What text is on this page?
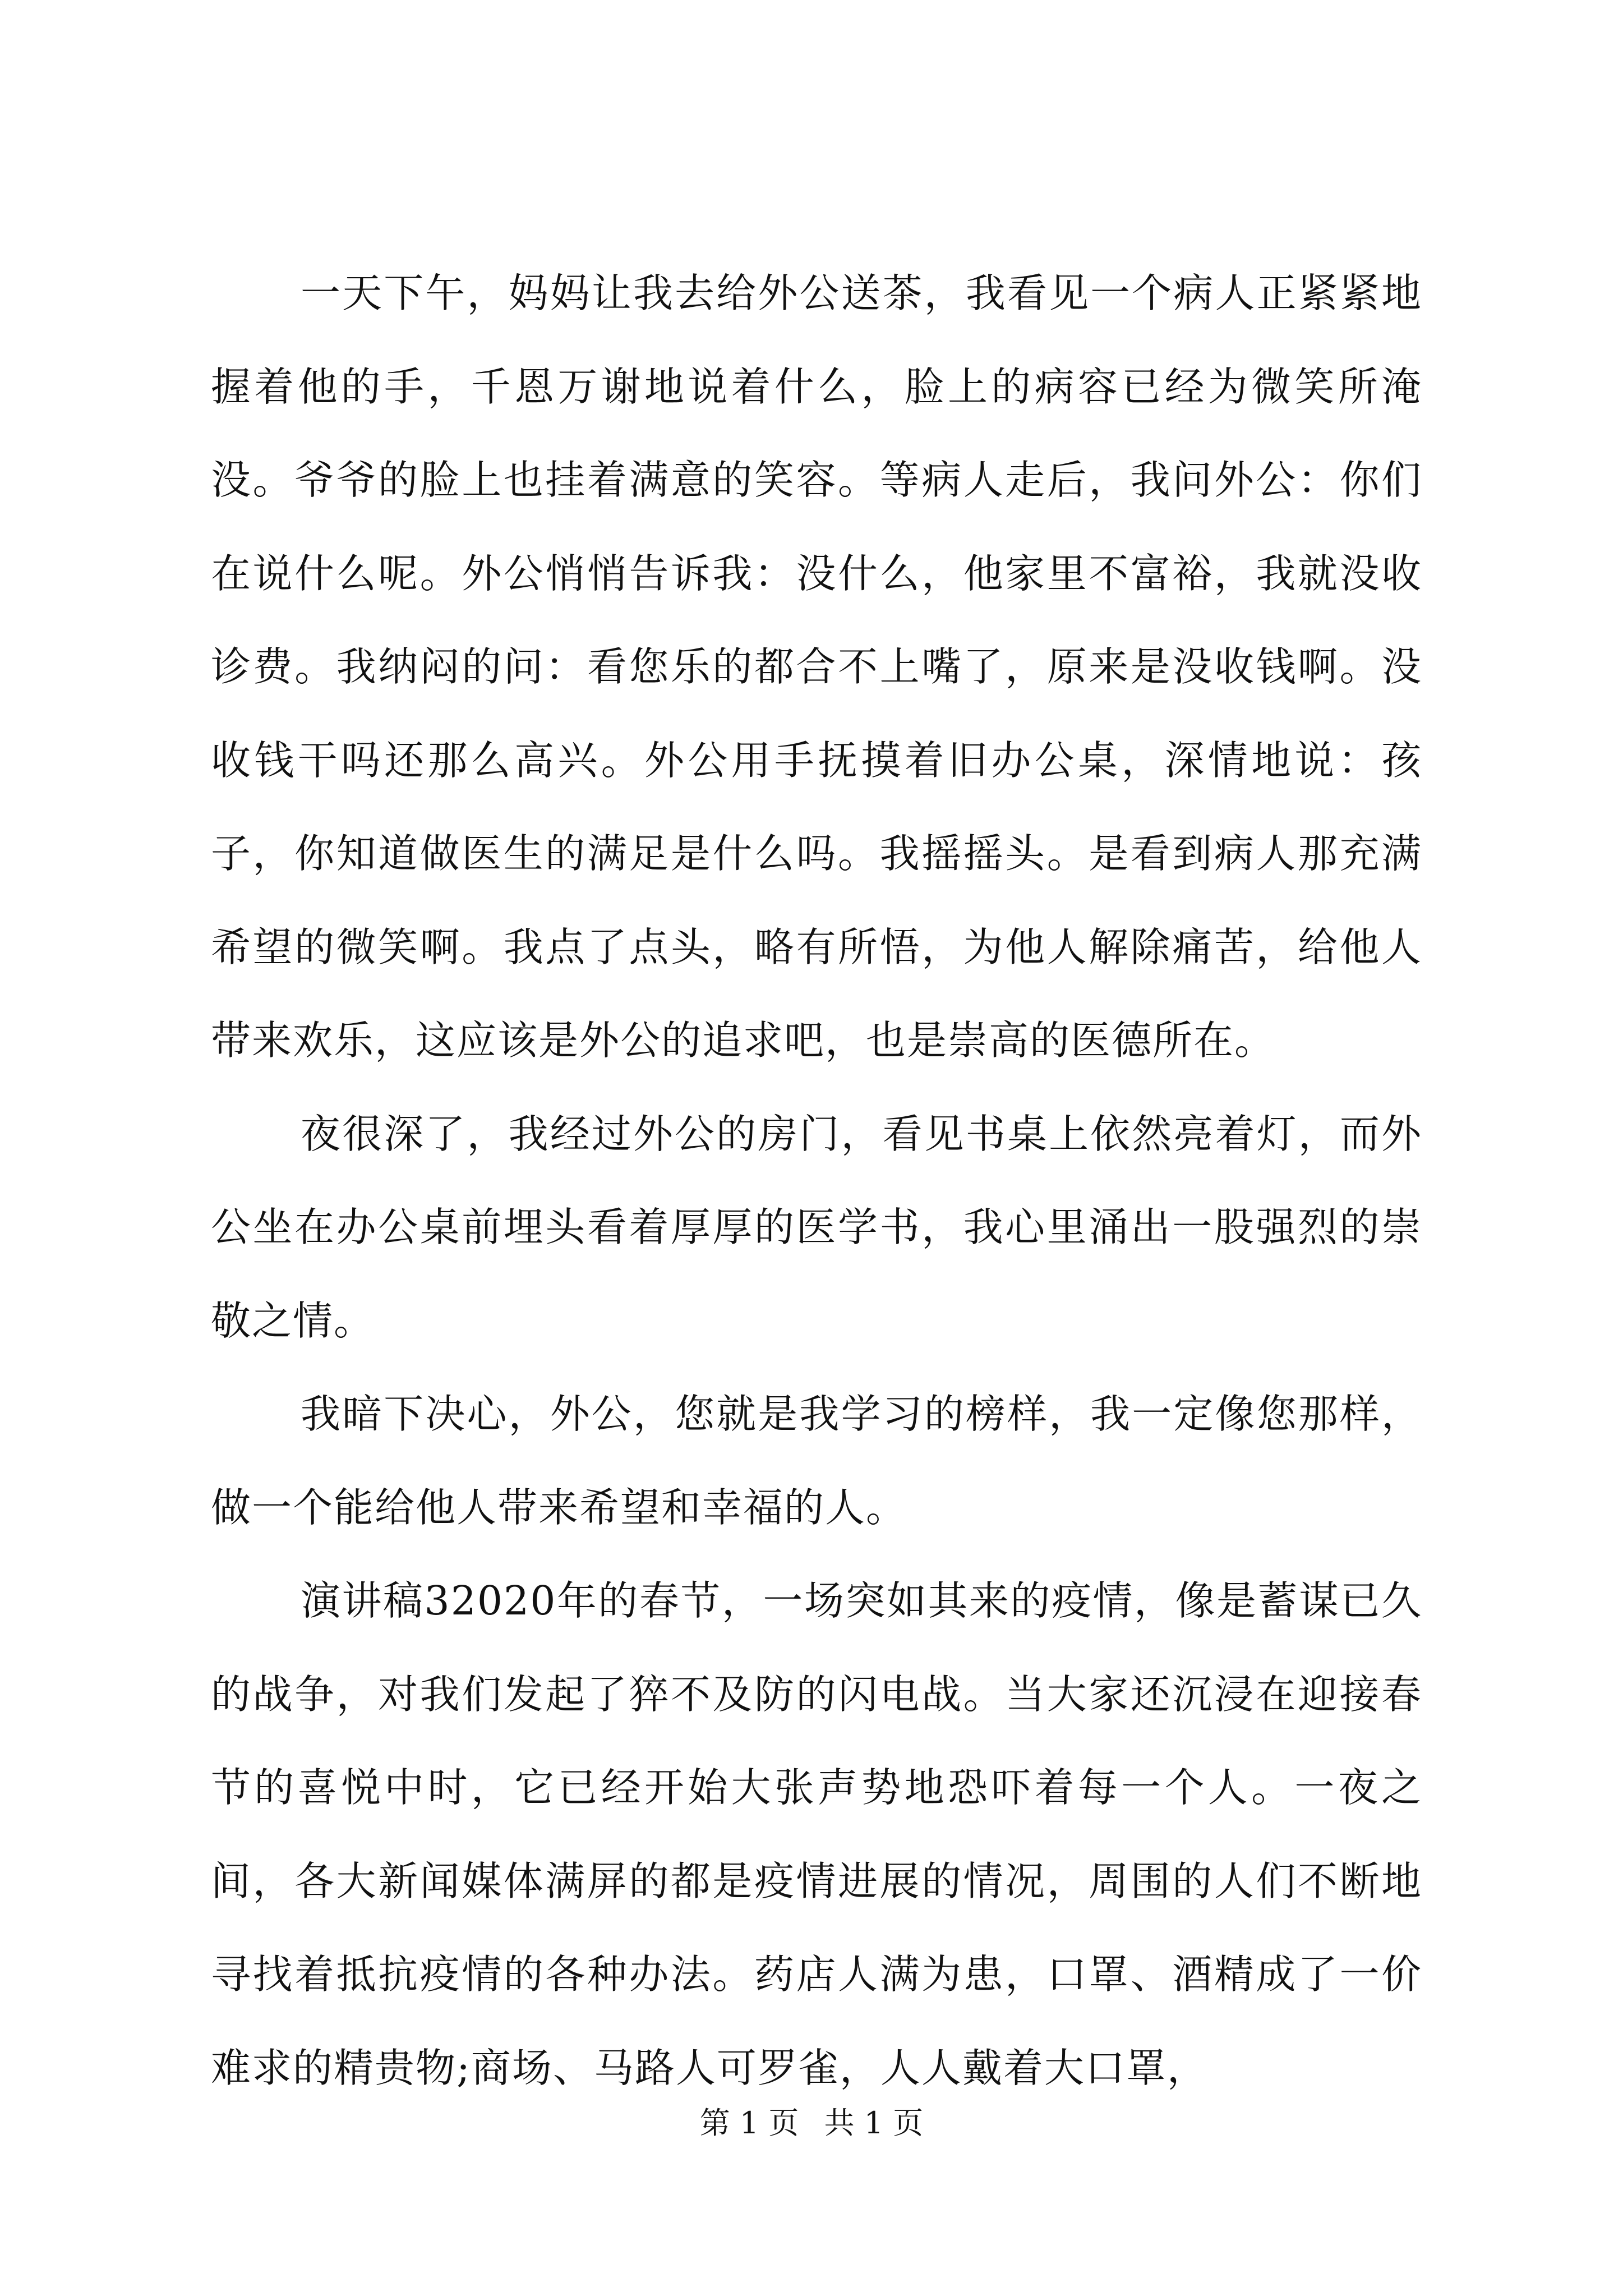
一天下午，妈妈让我去给外公送茶，我看见一个病人正紧紧地握着他的手，千恩万谢地说着什么，脸上的病容已经为微笑所淹没。爷爷的脸上也挂着满意的笑容。等病人走后，我问外公：你们在说什么呢。外公悄悄告诉我：没什么，他家里不富裕，我就没收诊费。我纳闷的问：看您乐的都合不上嘴了，原来是没收钱啊。没收钱干吗还那么高兴。外公用手抚摸着旧办公桌，深情地说：孩子，你知道做医生的满足是什么吗。我摇摇头。是看到病人那充满希望的微笑啊。我点了点头，略有所悟，为他人解除痛苦，给他人带来欢乐，这应该是外公的追求吧，也是崇高的医德所在。

夜很深了，我经过外公的房门，看见书桌上依然亮着灯，而外公坐在办公桌前埋头看着厚厚的医学书，我心里涌出一股强烈的崇敬之情。

我暗下决心，外公，您就是我学习的榜样，我一定像您那样，做一个能给他人带来希望和幸福的人。

演讲稿32020年的春节，一场突如其来的疫情，像是蓄谋已久的战争，对我们发起了猝不及防的闪电战。当大家还沉浸在迎接春节的喜悦中时，它已经开始大张声势地恐吓着每一个人。一夜之间，各大新闻媒体满屏的都是疫情进展的情况，周围的人们不断地寻找着抵抗疫情的各种办法。药店人满为患，口罩、酒精成了一价难求的精贵物;商场、马路人可罗雀，人人戴着大口罩，

第 1 页 共 1 页
